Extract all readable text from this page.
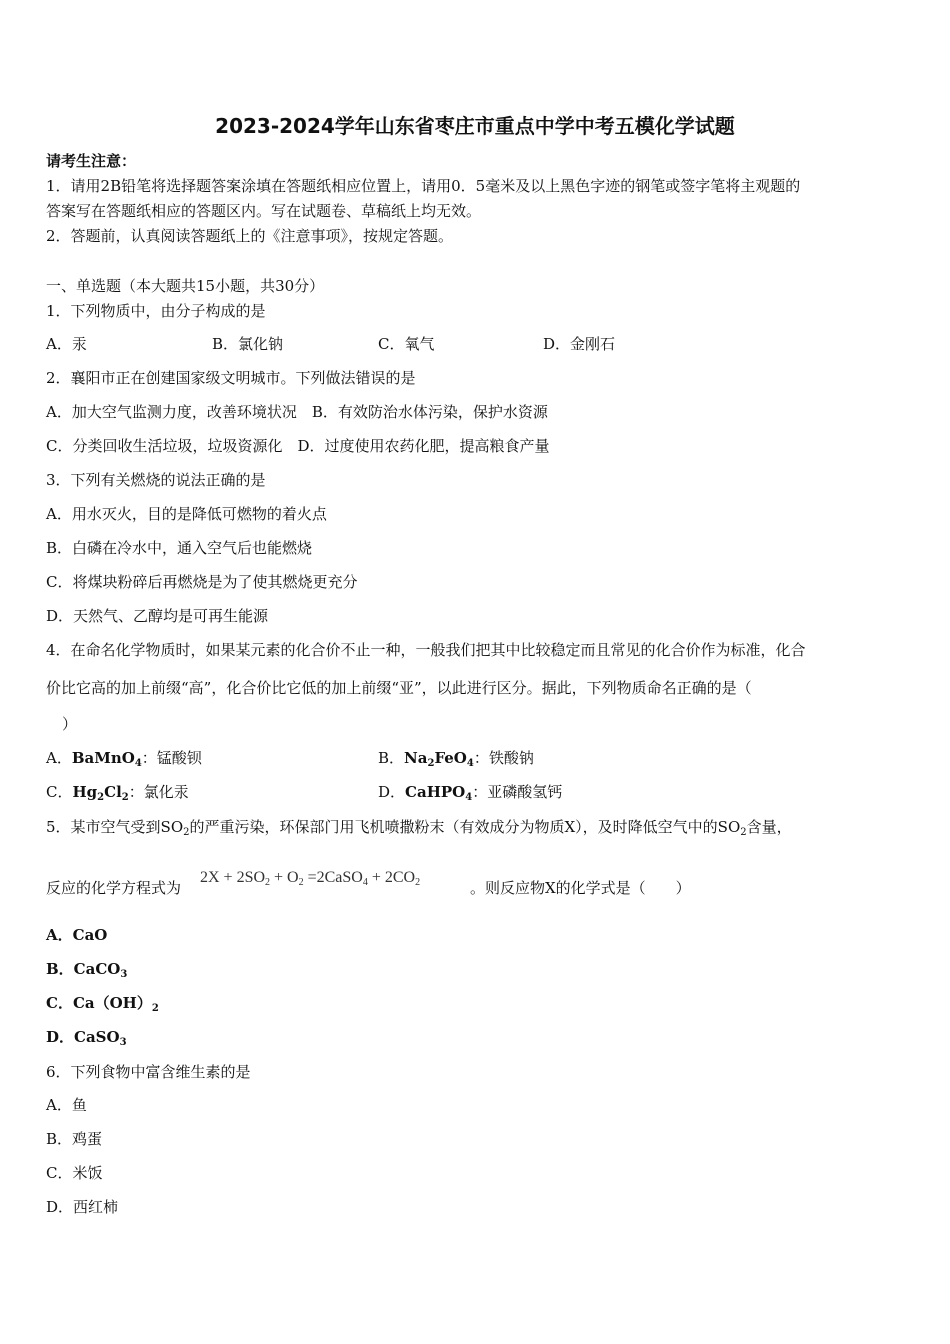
2023-2024学年山东省枣庄市重点中学中考五模化学试题
请考生注意：
1．请用2B铅笔将选择题答案涂填在答题纸相应位置上，请用0．5毫米及以上黑色字迹的钢笔或签字笔将主观题的
答案写在答题纸相应的答题区内。写在试题卷、草稿纸上均无效。
2．答题前，认真阅读答题纸上的《注意事项》，按规定答题。
一、单选题（本大题共15小题，共30分）
1．下列物质中，由分子构成的是
A．汞	B．氯化钠	C．氧气	D．金刚石
2．襄阳市正在创建国家级文明城市。下列做法错误的是
A．加大空气监测力度，改善环境状况　B．有效防治水体污染，保护水资源
C．分类回收生活垃圾，垃圾资源化　D．过度使用农药化肥，提高粮食产量
3．下列有关燃烧的说法正确的是
A．用水灭火，目的是降低可燃物的着火点
B．白磷在冷水中，通入空气后也能燃烧
C．将煤块粉碎后再燃烧是为了使其燃烧更充分
D．天然气、乙醇均是可再生能源
4．在命名化学物质时，如果某元素的化合价不止一种，一般我们把其中比较稳定而且常见的化合价作为标准，化合
价比它高的加上前缀“高”，化合价比它低的加上前缀“亚”，以此进行区分。据此，下列物质命名正确的是（
）
A．BaMnO$_4$：锰酸钡	B．$Na_2FeO_4$：铁酸钠
C．$Hg_2Cl_2$：氯化汞	D．CaHPO$_4$：亚磷酸氢钙
5．某市空气受到$SO_2$的严重污染，环保部门用飞机喷撒粉末（有效成分为物质X），及时降低空气中的$SO_2$含量，
反应的化学方程式为
$2X + 2SO_2 + O_2$ =2CaSO$_4$ + $2CO_2$	。则反应物X的化学式是（　　）
A．CaO
B．CaCO$_3$
C．$Ca(OH)_2$
D．CaSO$_3$
6．下列食物中富含维生素的是
A．鱼
B．鸡蛋
C．米饭
D．西红柿
